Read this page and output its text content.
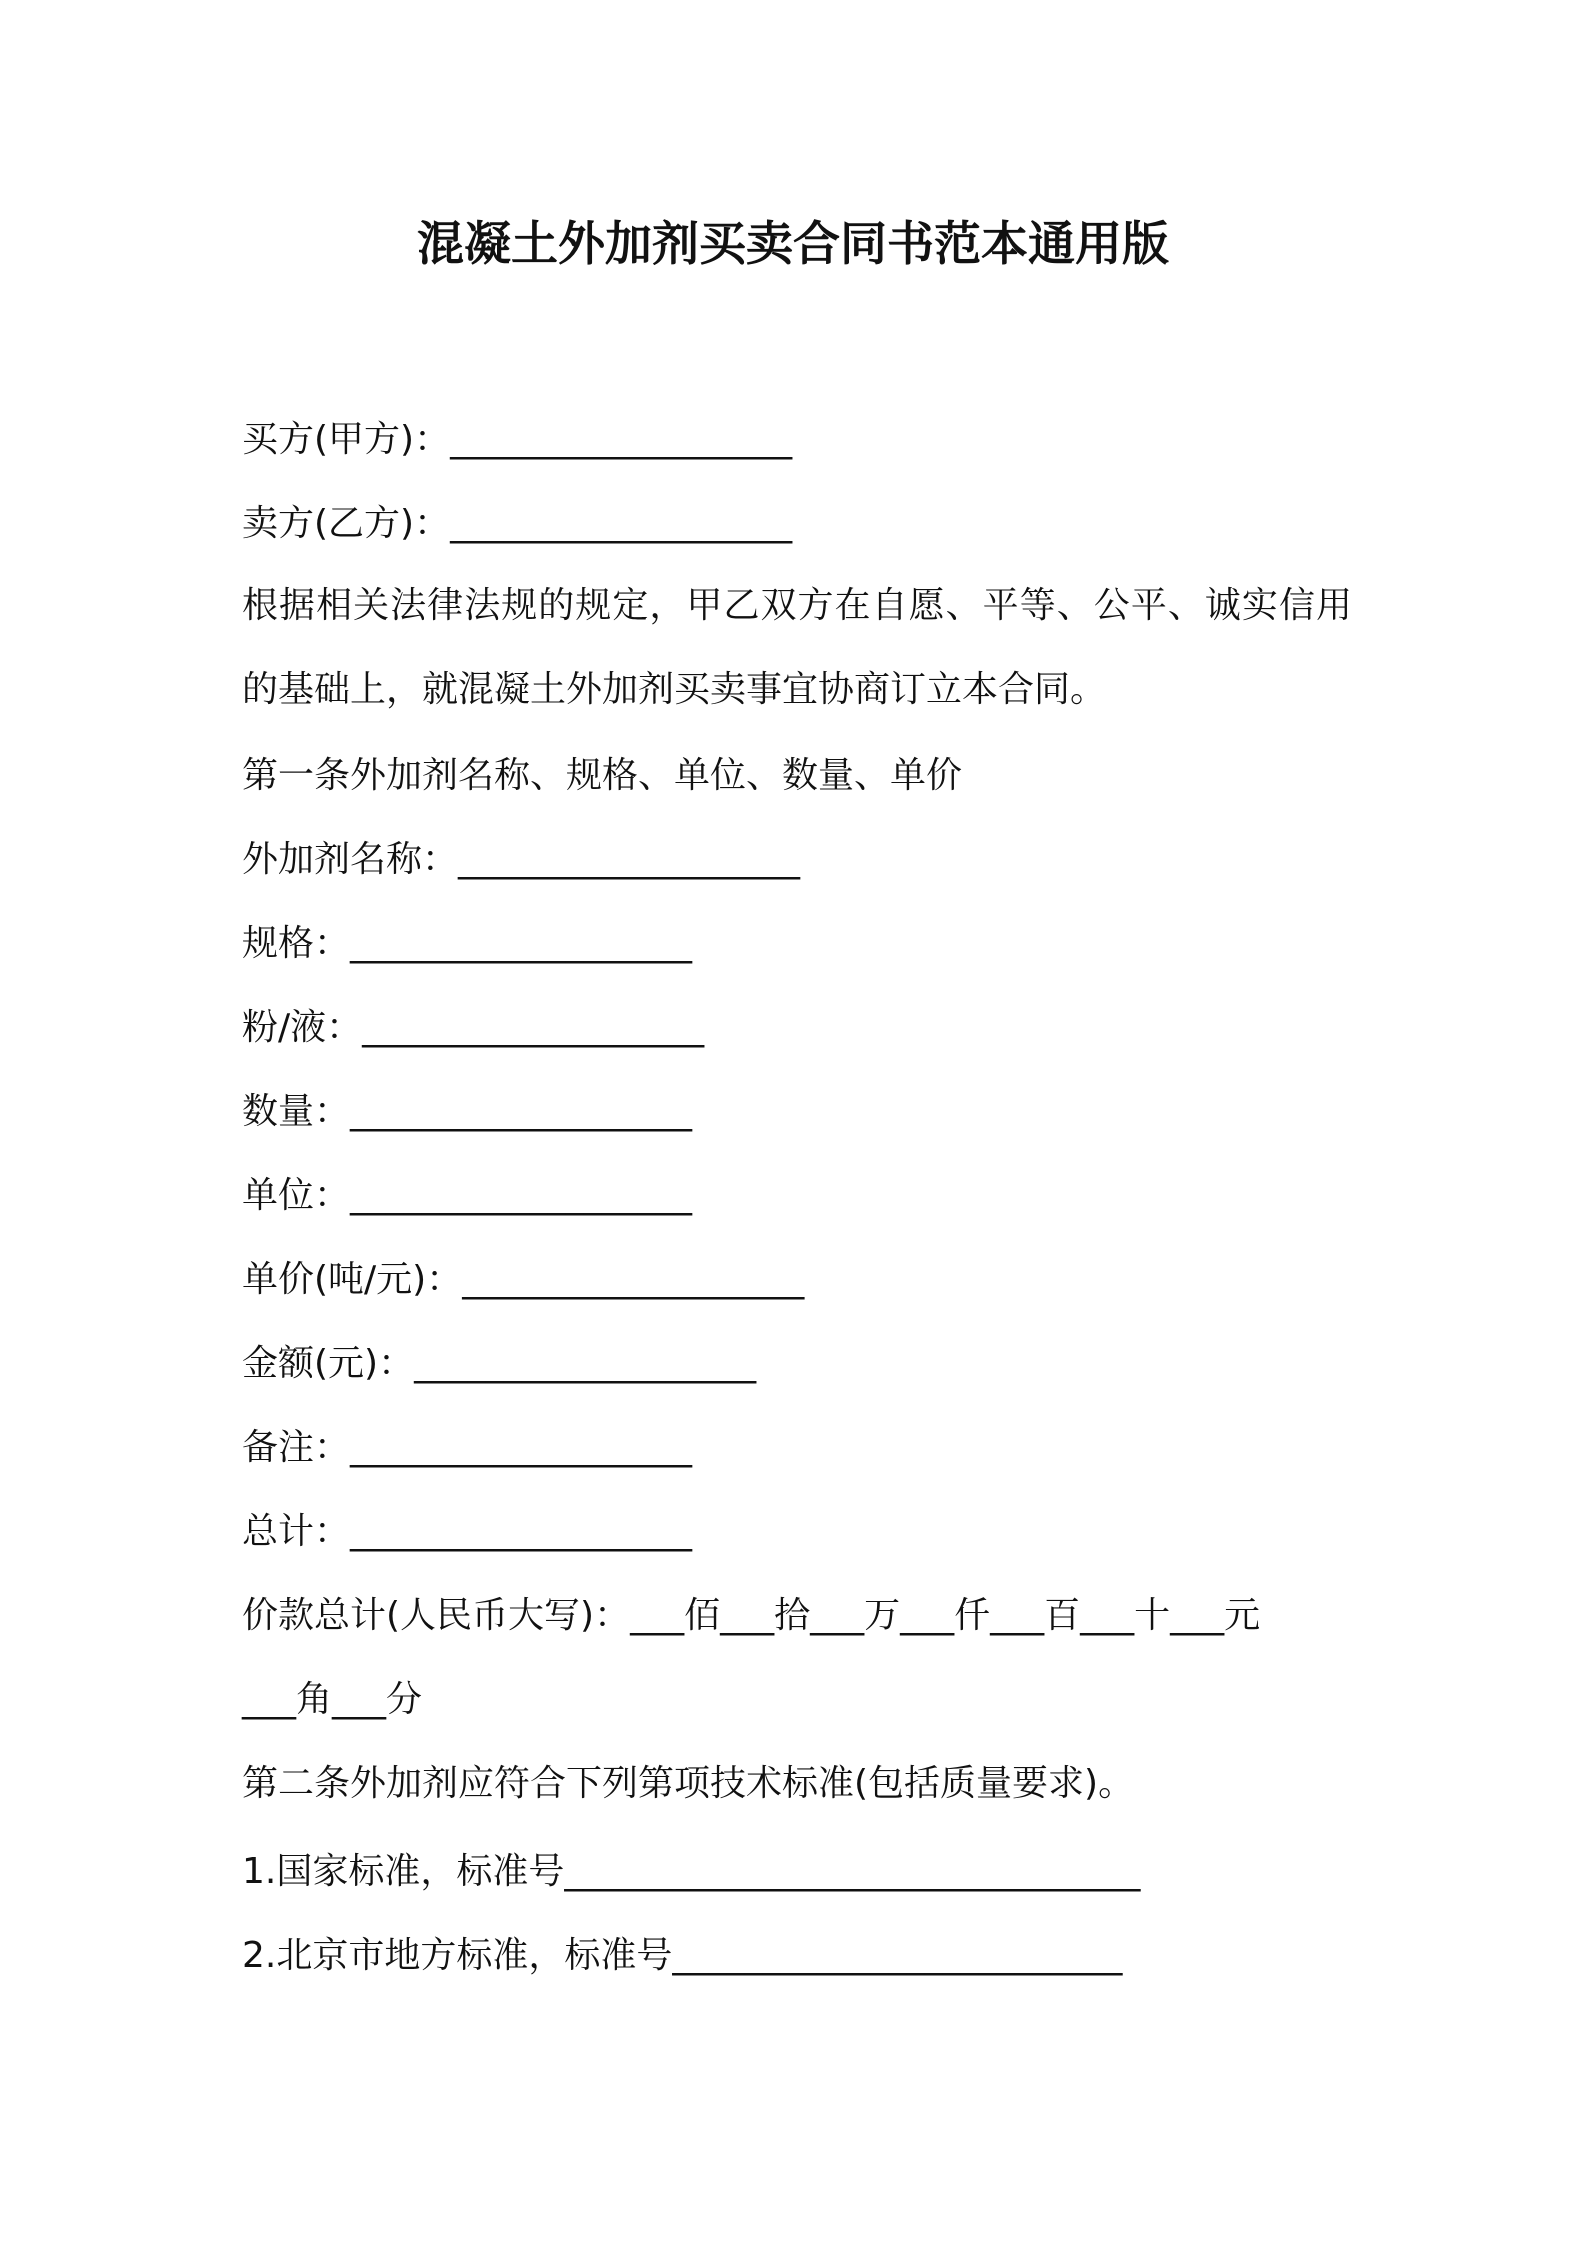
混凝土外加剂买卖合同书范本通用版
买方(甲方)：___________________
卖方(乙方)：___________________
根据相关法律法规的规定，甲乙双方在自愿、平等、公平、诚实信用的基础上，就混凝土外加剂买卖事宜协商订立本合同。
第一条外加剂名称、规格、单位、数量、单价
外加剂名称：___________________
规格：___________________
粉/液：___________________
数量：___________________
单位：___________________
单价(吨/元)：___________________
金额(元)：___________________
备注：___________________
总计：___________________
价款总计(人民币大写)：___佰___拾___万___仟___百___十___元
___角___分
第二条外加剂应符合下列第项技术标准(包括质量要求)。
1.国家标准，标准号________________________________
2.北京市地方标准，标准号_________________________
